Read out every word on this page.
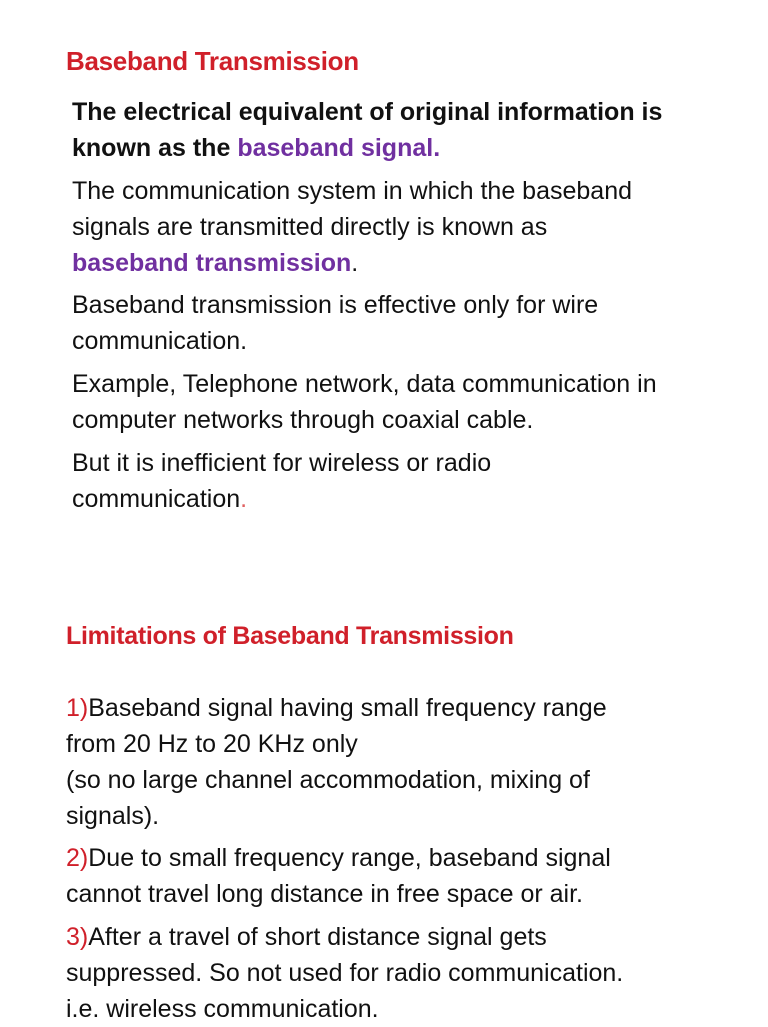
Baseband Transmission

The electrical equivalent of original information is
known as the baseband signal.

The communication system in which the baseband
signals are transmitted directly is known as
baseband transmission.

Baseband transmission is effective only for wire
communication.

Example, Telephone network, data communication in
computer networks through coaxial cable.

But it is inefficient for wireless or radio
communication.

Limitations of Baseband Transmission

1)Baseband signal having small frequency range
from 20 Hz to 20 KHz only
(so no large channel accommodation, mixing of
signals).

2)Due to small frequency range, baseband signal
cannot travel long distance in free space or air.

3)After a travel of short distance signal gets
suppressed. So not used for radio communication.
i.e. wireless communication.
